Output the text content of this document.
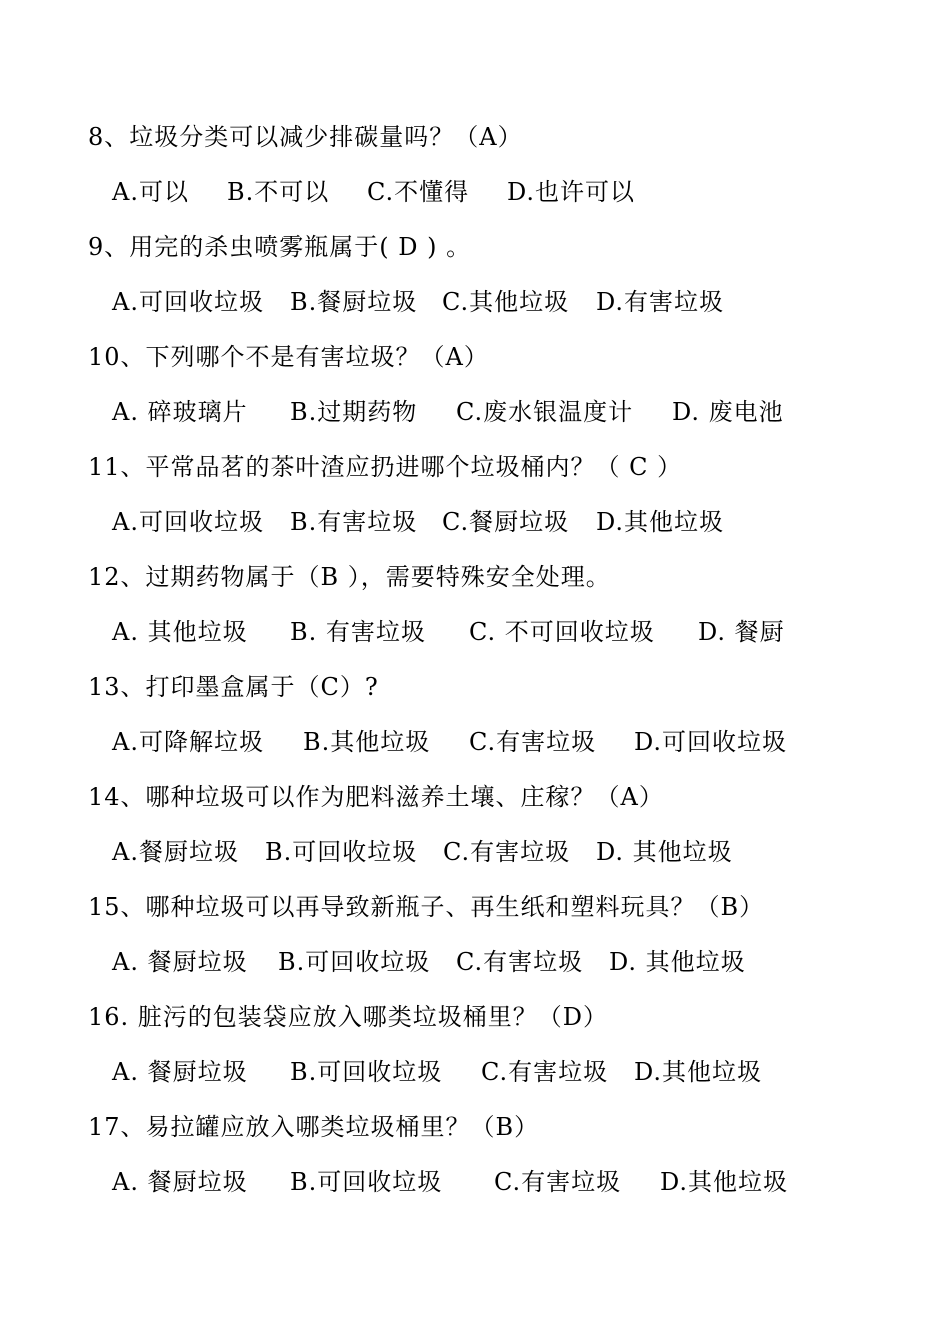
8、垃圾分类可以减少排碳量吗？（A）
A.可以 B.不可以 C.不懂得 D.也许可以
9、用完的杀虫喷雾瓶属于( D ) 。
A.可回收垃圾 B.餐厨垃圾 C.其他垃圾 D.有害垃圾
10、下列哪个不是有害垃圾？（A）
A. 碎玻璃片 B.过期药物 C.废水银温度计 D. 废电池
11、平常品茗的茶叶渣应扔进哪个垃圾桶内？（ C ）
A.可回收垃圾 B.有害垃圾 C.餐厨垃圾 D.其他垃圾
12、过期药物属于（B ），需要特殊安全处理。
A. 其他垃圾 B. 有害垃圾 C. 不可回收垃圾 D. 餐厨
13、打印墨盒属于（C）?
A.可降解垃圾 B.其他垃圾 C.有害垃圾 D.可回收垃圾
14、哪种垃圾可以作为肥料滋养土壤、庄稼？（A）
A.餐厨垃圾 B.可回收垃圾 C.有害垃圾 D. 其他垃圾
15、哪种垃圾可以再导致新瓶子、再生纸和塑料玩具？（B）
A. 餐厨垃圾 B.可回收垃圾 C.有害垃圾 D. 其他垃圾
16. 脏污的包装袋应放入哪类垃圾桶里？（D）
A. 餐厨垃圾 B.可回收垃圾 C.有害垃圾 D.其他垃圾
17、易拉罐应放入哪类垃圾桶里？（B）
A. 餐厨垃圾 B.可回收垃圾 C.有害垃圾 D.其他垃圾
